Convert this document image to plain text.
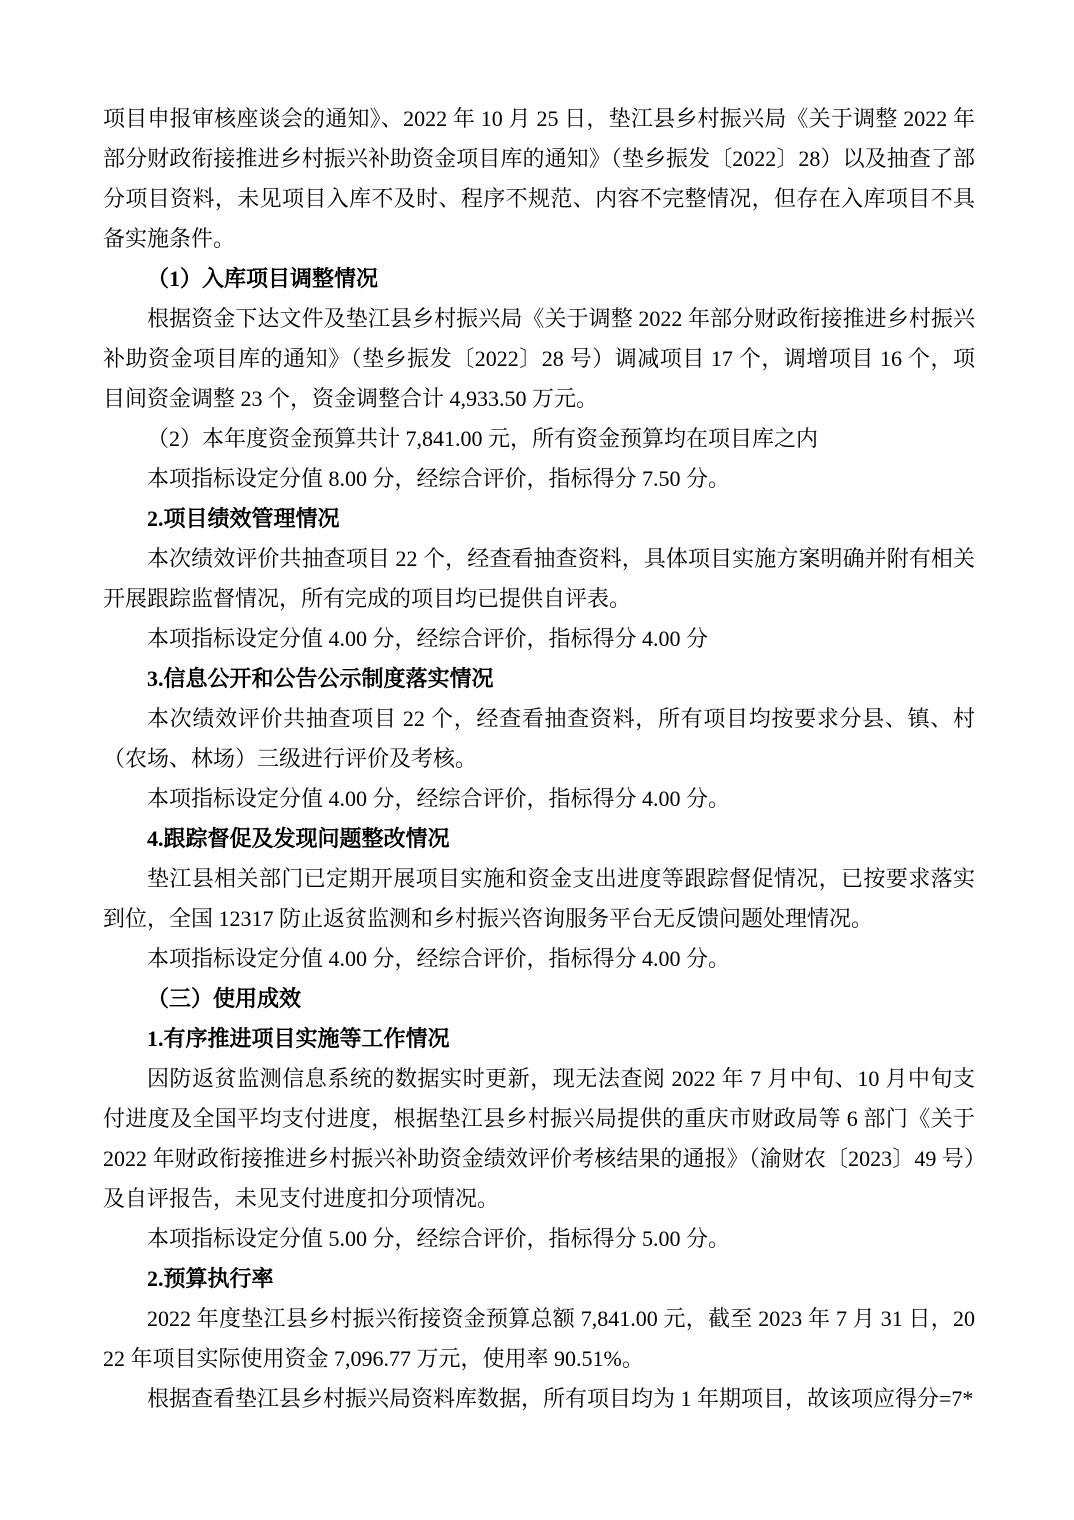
项目申报审核座谈会的通知》、2022 年 10 月 25 日，垫江县乡村振兴局《关于调整 2022 年部分财政衔接推进乡村振兴补助资金项目库的通知》（垫乡振发〔2022〕28）以及抽查了部分项目资料，未见项目入库不及时、程序不规范、内容不完整情况，但存在入库项目不具备实施条件。

（1）入库项目调整情况

根据资金下达文件及垫江县乡村振兴局《关于调整 2022 年部分财政衔接推进乡村振兴补助资金项目库的通知》（垫乡振发〔2022〕28 号）调减项目 17 个，调增项目 16 个，项目间资金调整 23 个，资金调整合计 4,933.50 万元。

（2）本年度资金预算共计 7,841.00 元，所有资金预算均在项目库之内

本项指标设定分值 8.00 分，经综合评价，指标得分 7.50 分。

2.项目绩效管理情况

本次绩效评价共抽查项目 22 个，经查看抽查资料，具体项目实施方案明确并附有相关开展跟踪监督情况，所有完成的项目均已提供自评表。

本项指标设定分值 4.00 分，经综合评价，指标得分 4.00 分

3.信息公开和公告公示制度落实情况

本次绩效评价共抽查项目 22 个，经查看抽查资料，所有项目均按要求分县、镇、村（农场、林场）三级进行评价及考核。

本项指标设定分值 4.00 分，经综合评价，指标得分 4.00 分。

4.跟踪督促及发现问题整改情况

垫江县相关部门已定期开展项目实施和资金支出进度等跟踪督促情况，已按要求落实到位，全国 12317 防止返贫监测和乡村振兴咨询服务平台无反馈问题处理情况。

本项指标设定分值 4.00 分，经综合评价，指标得分 4.00 分。

（三）使用成效

1.有序推进项目实施等工作情况

因防返贫监测信息系统的数据实时更新，现无法查阅 2022 年 7 月中旬、10 月中旬支付进度及全国平均支付进度，根据垫江县乡村振兴局提供的重庆市财政局等 6 部门《关于 2022 年财政衔接推进乡村振兴补助资金绩效评价考核结果的通报》（渝财农〔2023〕49 号）及自评报告，未见支付进度扣分项情况。

本项指标设定分值 5.00 分，经综合评价，指标得分 5.00 分。

2.预算执行率

2022 年度垫江县乡村振兴衔接资金预算总额 7,841.00 元，截至 2023 年 7 月 31 日，2022 年项目实际使用资金 7,096.77 万元，使用率 90.51%。

根据查看垫江县乡村振兴局资料库数据，所有项目均为 1 年期项目，故该项应得分=7*
